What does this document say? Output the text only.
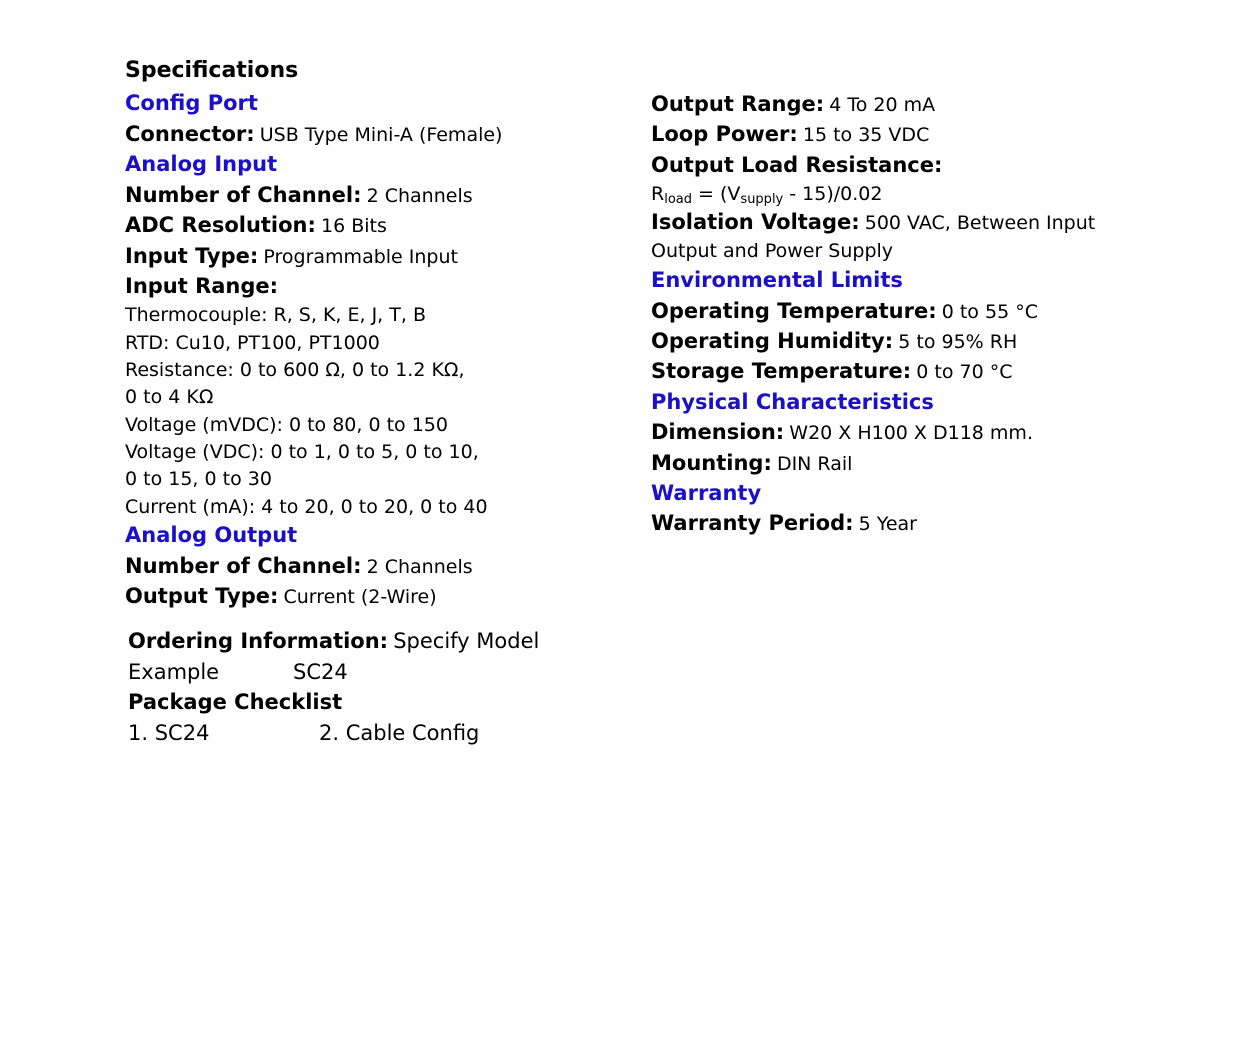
Specifications
Config Port
Connector: USB Type Mini-A (Female)
Analog Input
Number of Channel: 2 Channels
ADC Resolution: 16 Bits
Input Type: Programmable Input
Input Range:
Thermocouple: R, S, K, E, J, T, B
RTD: Cu10, PT100, PT1000
Resistance: 0 to 600 Ω, 0 to 1.2 KΩ,
0 to 4 KΩ
Voltage (mVDC): 0 to 80, 0 to 150
Voltage (VDC): 0 to 1, 0 to 5, 0 to 10,
0 to 15, 0 to 30
Current (mA): 4 to 20, 0 to 20, 0 to 40
Analog Output
Number of Channel: 2 Channels
Output Type: Current (2-Wire)
Ordering Information: Specify Model
Example	SC24
Package Checklist
1. SC24	2. Cable Config
Output Range: 4 To 20 mA
Loop Power: 15 to 35 VDC
Output Load Resistance:
$R_{load} = (V_{supply} - 15)/0.02$
Isolation Voltage: 500 VAC, Between Input
Output and Power Supply
Environmental Limits
Operating Temperature: 0 to 55 °C
Operating Humidity: 5 to 95% RH
Storage Temperature: 0 to 70 °C
Physical Characteristics
Dimension: W20 X H100 X D118 mm.
Mounting: DIN Rail
Warranty
Warranty Period: 5 Year
